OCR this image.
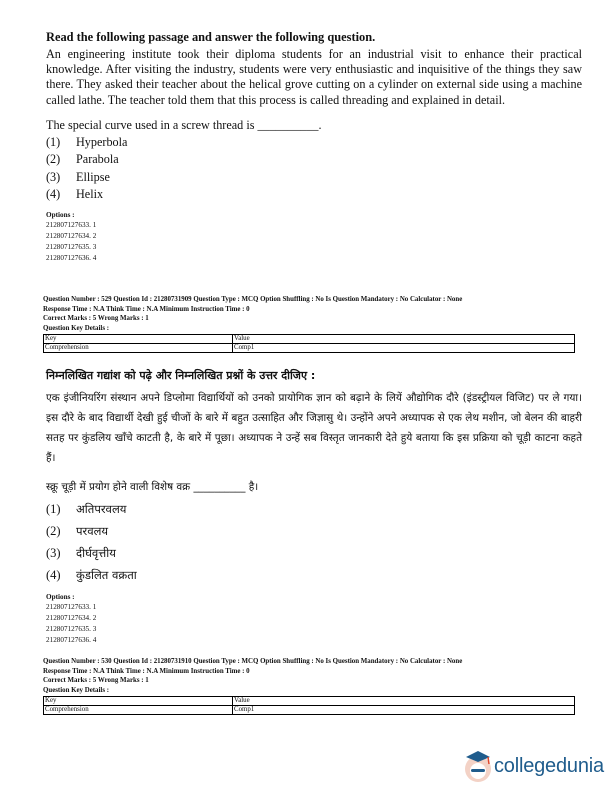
Read the following passage and answer the following question.

An engineering institute took their diploma students for an industrial visit to enhance their practical knowledge. After visiting the industry, students were very enthusiastic and inquisitive of the things they saw there. They asked their teacher about the helical grove cutting on a cylinder on external side using a machine called lathe. The teacher told them that this process is called threading and explained in detail.

The special curve used in a screw thread is __________.

(1)	Hyperbola
(2)	Parabola
(3)	Ellipse
(4)	Helix
Options :
212807127633. 1
212807127634. 2
212807127635. 3
212807127636. 4
Question Number : 529 Question Id : 21280731909 Question Type : MCQ Option Shuffling : No Is Question Mandatory : No Calculator : None
Response Time : N.A Think Time : N.A Minimum Instruction Time : 0
Correct Marks : 5 Wrong Marks : 1
Question Key Details :
Key	Value
Comprehension	Comp1

निम्नलिखित गद्यांश को पढ़े और निम्नलिखित प्रश्नों के उत्तर दीजिए :

एक इंजीनियरिंग संस्थान अपने डिप्लोमा विद्यार्थियों को उनको प्रायोगिक ज्ञान को बढ़ाने के लियें औद्योगिक दौरे (इंडस्ट्रीयल विजिट) पर ले गया। इस दौरे के बाद विद्यार्थी देखी हुई चीजों के बारे में बहुत उत्साहित और जिज्ञासु थे। उन्होंने अपने अध्यापक से एक लेथ मशीन, जो बेलन की बाहरी सतह पर कुंडलिय खाँचे काटती है, के बारे में पूछा। अध्यापक ने उन्हें सब विस्तृत जानकारी देते हुये बताया कि इस प्रक्रिया को चूड़ी काटना कहते हैं।

स्क्रू चूड़ी में प्रयोग होने वाली विशेष वक्र __________ है।

(1)	अतिपरवलय
(2)	परवलय
(3)	दीर्घवृत्तीय
(4)	कुंडलित वक्रता
Options :
212807127633. 1
212807127634. 2
212807127635. 3
212807127636. 4
Question Number : 530 Question Id : 21280731910 Question Type : MCQ Option Shuffling : No Is Question Mandatory : No Calculator : None
Response Time : N.A Think Time : N.A Minimum Instruction Time : 0
Correct Marks : 5 Wrong Marks : 1
Question Key Details :
Key	Value
Comprehension	Comp1
collegedunia
